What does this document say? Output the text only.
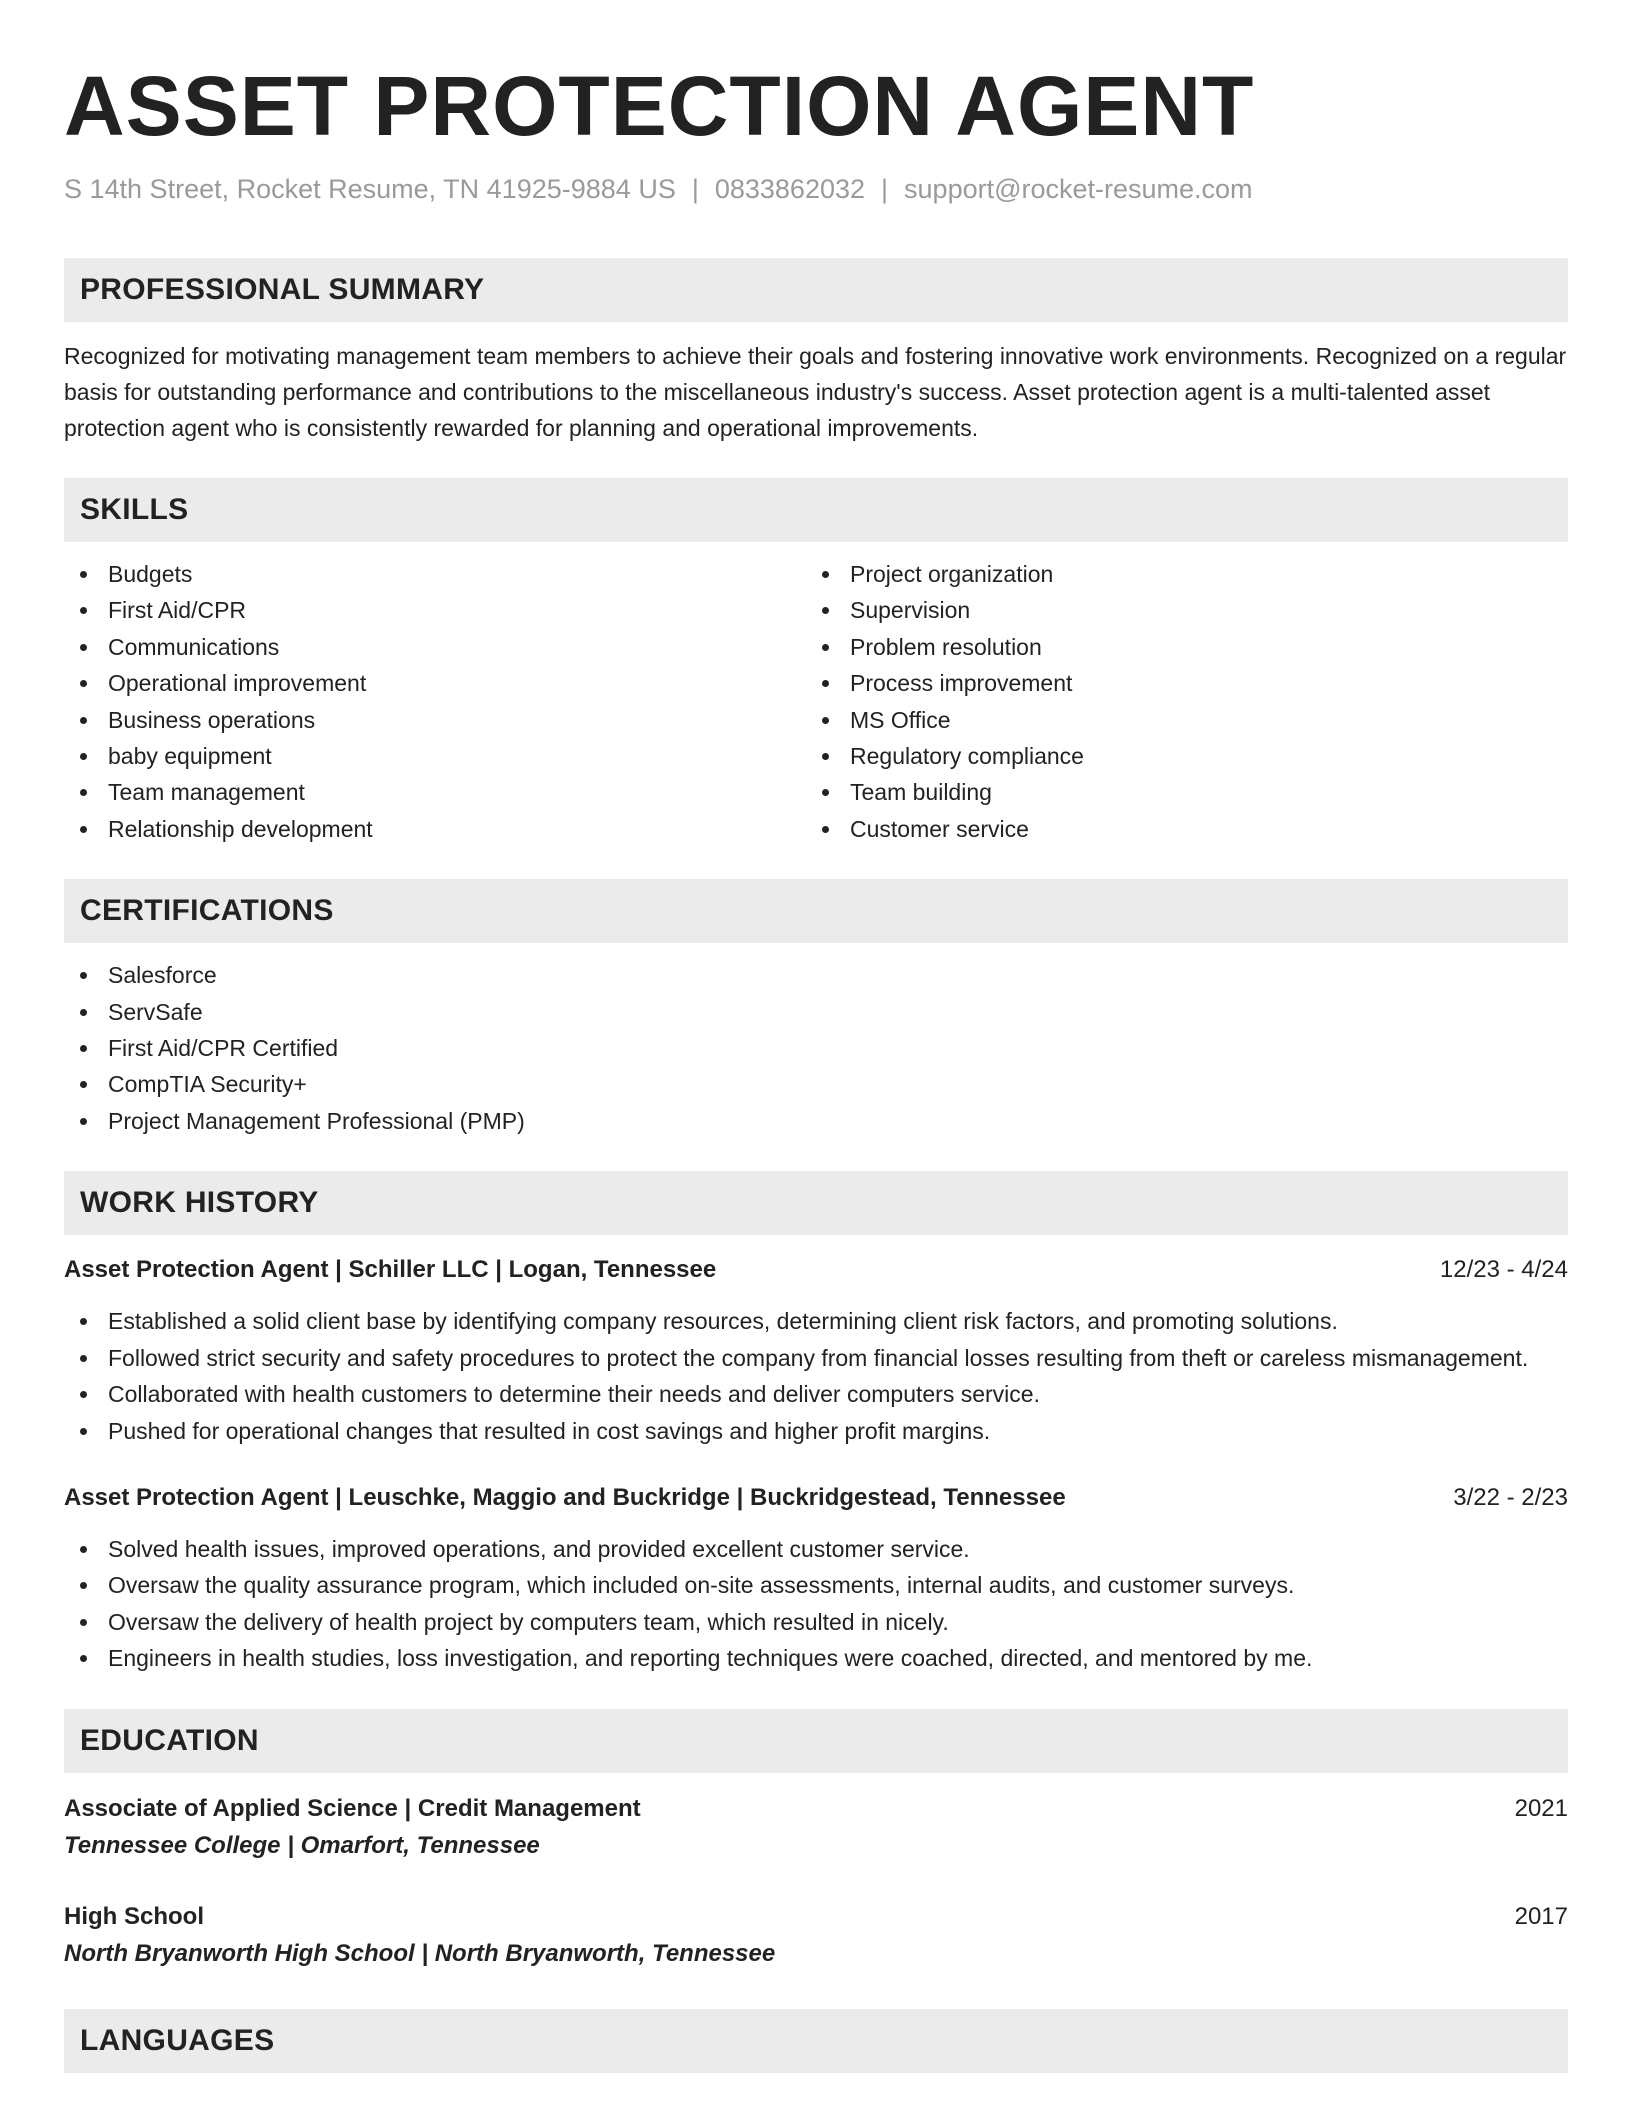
ASSET PROTECTION AGENT
S 14th Street, Rocket Resume, TN 41925-9884 US | 0833862032 | support@rocket-resume.com
PROFESSIONAL SUMMARY

Recognized for motivating management team members to achieve their goals and fostering innovative work environments. Recognized on a regular basis for outstanding performance and contributions to the miscellaneous industry's success. Asset protection agent is a multi-talented asset protection agent who is consistently rewarded for planning and operational improvements.

SKILLS
Budgets
First Aid/CPR
Communications
Operational improvement
Business operations
baby equipment
Team management
Relationship development
Project organization
Supervision
Problem resolution
Process improvement
MS Office
Regulatory compliance
Team building
Customer service
CERTIFICATIONS
Salesforce
ServSafe
First Aid/CPR Certified
CompTIA Security+
Project Management Professional (PMP)
WORK HISTORY
Asset Protection Agent | Schiller LLC | Logan, Tennessee	12/23 - 4/24
Established a solid client base by identifying company resources, determining client risk factors, and promoting solutions.
Followed strict security and safety procedures to protect the company from financial losses resulting from theft or careless mismanagement.
Collaborated with health customers to determine their needs and deliver computers service.
Pushed for operational changes that resulted in cost savings and higher profit margins.
Asset Protection Agent | Leuschke, Maggio and Buckridge | Buckridgestead, Tennessee	3/22 - 2/23
Solved health issues, improved operations, and provided excellent customer service.
Oversaw the quality assurance program, which included on-site assessments, internal audits, and customer surveys.
Oversaw the delivery of health project by computers team, which resulted in nicely.
Engineers in health studies, loss investigation, and reporting techniques were coached, directed, and mentored by me.
EDUCATION
Associate of Applied Science | Credit Management	2021
Tennessee College | Omarfort, Tennessee
High School	2017
North Bryanworth High School | North Bryanworth, Tennessee
LANGUAGES
